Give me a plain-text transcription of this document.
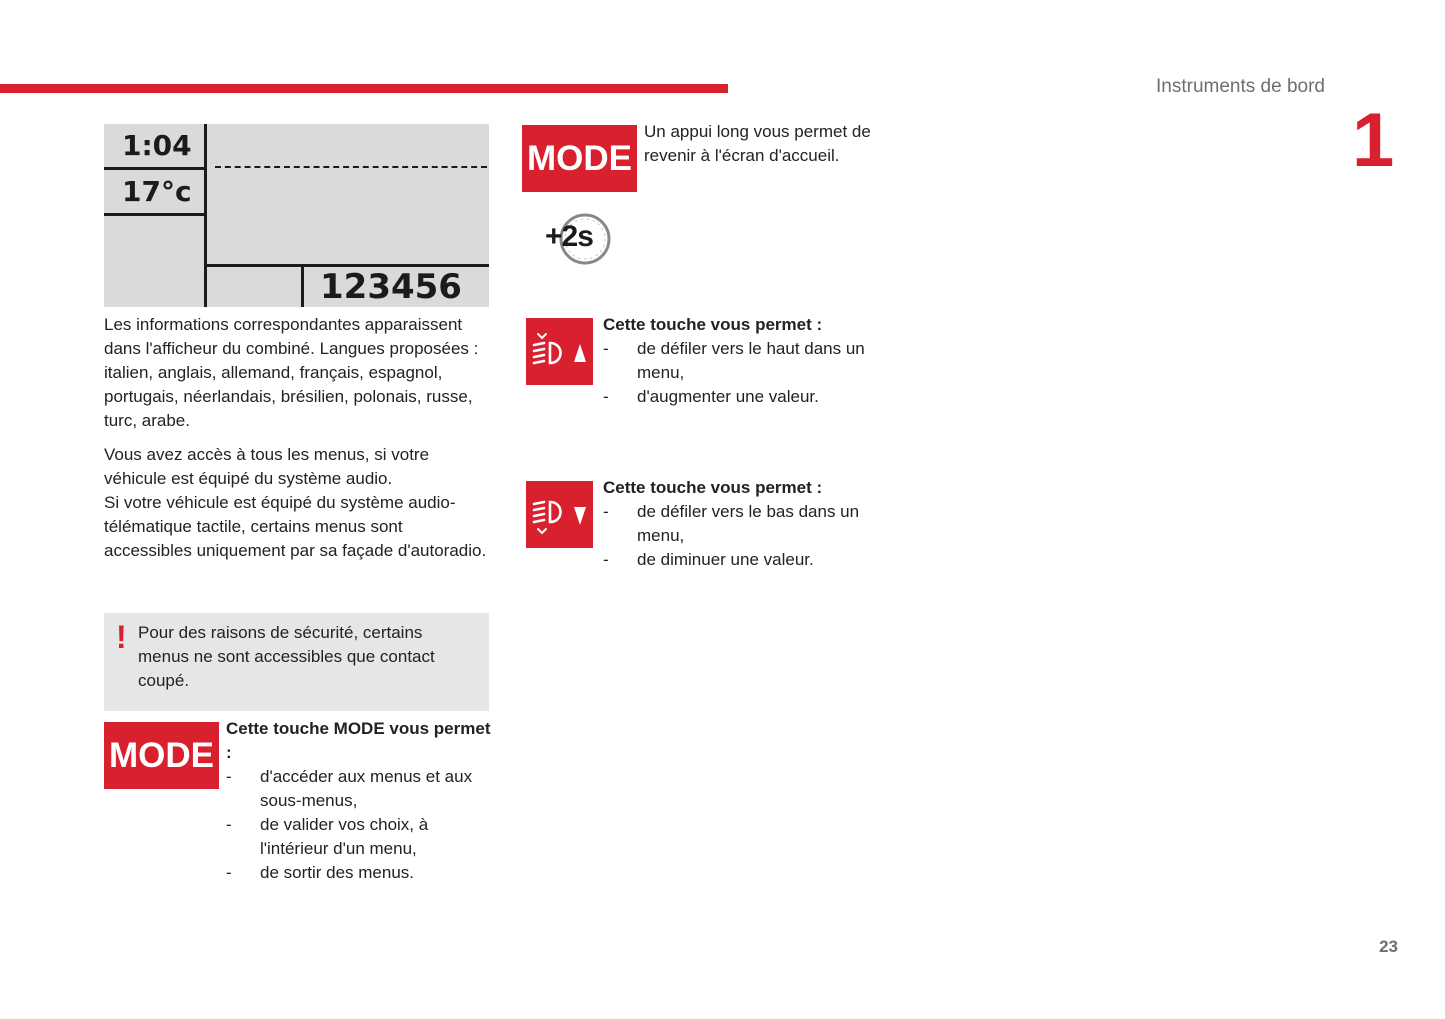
Instruments de bord
1
23
1:04
17°c
123456

Les informations correspondantes apparaissent dans l'afficheur du combiné. Langues proposées : italien, anglais, allemand, français, espagnol, portugais, néerlandais, brésilien, polonais, russe, turc, arabe.

Vous avez accès à tous les menus, si votre véhicule est équipé du système audio.

Si votre véhicule est équipé du système audio-télématique tactile, certains menus sont accessibles uniquement par sa façade d'autoradio.

! Pour des raisons de sécurité, certains menus ne sont accessibles que contact coupé.
MODE
Cette touche MODE vous permet :
- d'accéder aux menus et aux sous-menus,
- de valider vos choix, à l'intérieur d'un menu,
- de sortir des menus.
MODE
Un appui long vous permet de revenir à l'écran d'accueil.
+2s
Cette touche vous permet :
- de défiler vers le haut dans un menu,
- d'augmenter une valeur.
Cette touche vous permet :
- de défiler vers le bas dans un menu,
- de diminuer une valeur.
